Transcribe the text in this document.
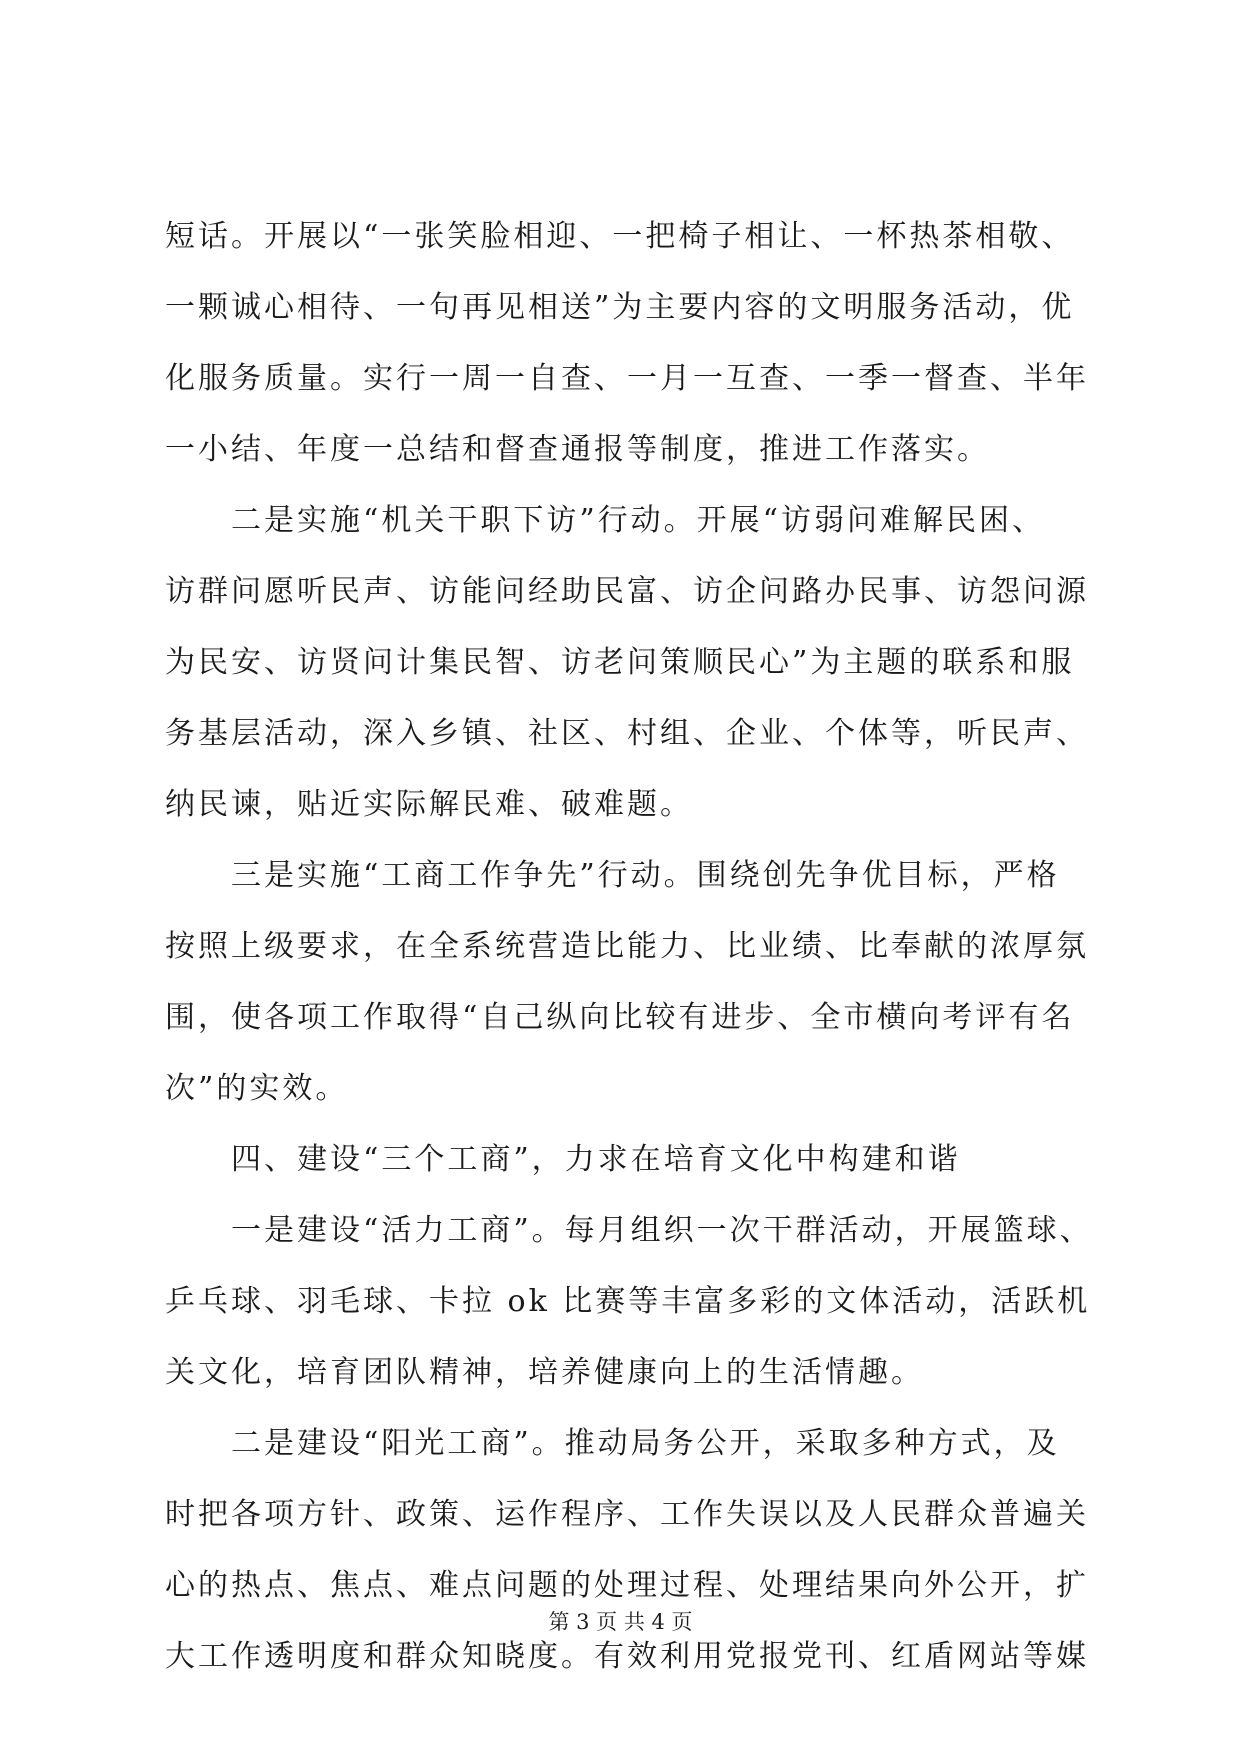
短话。开展以“一张笑脸相迎、一把椅子相让、一杯热茶相敬、
一颗诚心相待、一句再见相送”为主要内容的文明服务活动，优
化服务质量。实行一周一自查、一月一互查、一季一督查、半年
一小结、年度一总结和督查通报等制度，推进工作落实。
二是实施“机关干职下访”行动。开展“访弱问难解民困、
访群问愿听民声、访能问经助民富、访企问路办民事、访怨问源
为民安、访贤问计集民智、访老问策顺民心”为主题的联系和服
务基层活动，深入乡镇、社区、村组、企业、个体等，听民声、
纳民谏，贴近实际解民难、破难题。
三是实施“工商工作争先”行动。围绕创先争优目标，严格
按照上级要求，在全系统营造比能力、比业绩、比奉献的浓厚氛
围，使各项工作取得“自己纵向比较有进步、全市横向考评有名
次”的实效。
四、建设“三个工商”，力求在培育文化中构建和谐
一是建设“活力工商”。每月组织一次干群活动，开展篮球、
乒乓球、羽毛球、卡拉 ok 比赛等丰富多彩的文体活动，活跃机
关文化，培育团队精神，培养健康向上的生活情趣。
二是建设“阳光工商”。推动局务公开，采取多种方式，及
时把各项方针、政策、运作程序、工作失误以及人民群众普遍关
心的热点、焦点、难点问题的处理过程、处理结果向外公开，扩
大工作透明度和群众知晓度。有效利用党报党刊、红盾网站等媒
第 3 页 共 4 页
